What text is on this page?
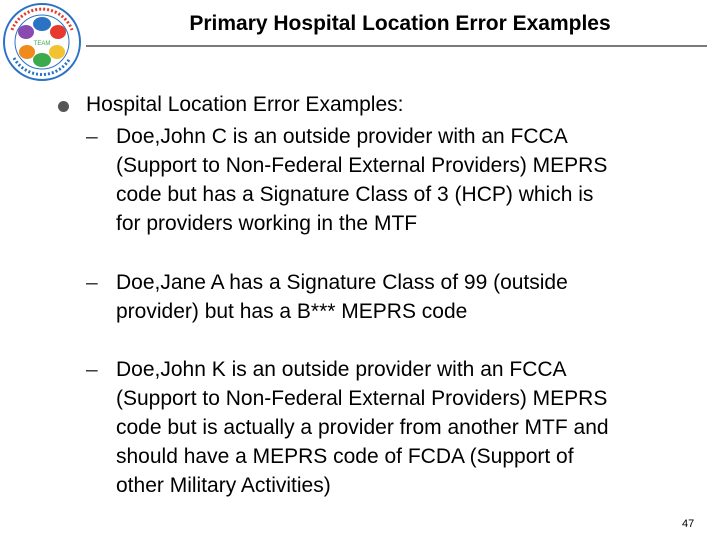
TEAM
Primary Hospital Location Error Examples
Hospital Location Error Examples:
– Doe,John C is an outside provider with an FCCA
(Support to Non-Federal External Providers) MEPRS
code but has a Signature Class of 3 (HCP) which is
for providers working in the MTF
– Doe,Jane A has a Signature Class of 99 (outside
provider) but has a B*** MEPRS code
– Doe,John K is an outside provider with an FCCA
(Support to Non-Federal External Providers) MEPRS
code but is actually a provider from another MTF and
should have a MEPRS code of FCDA (Support of
other Military Activities)
47
